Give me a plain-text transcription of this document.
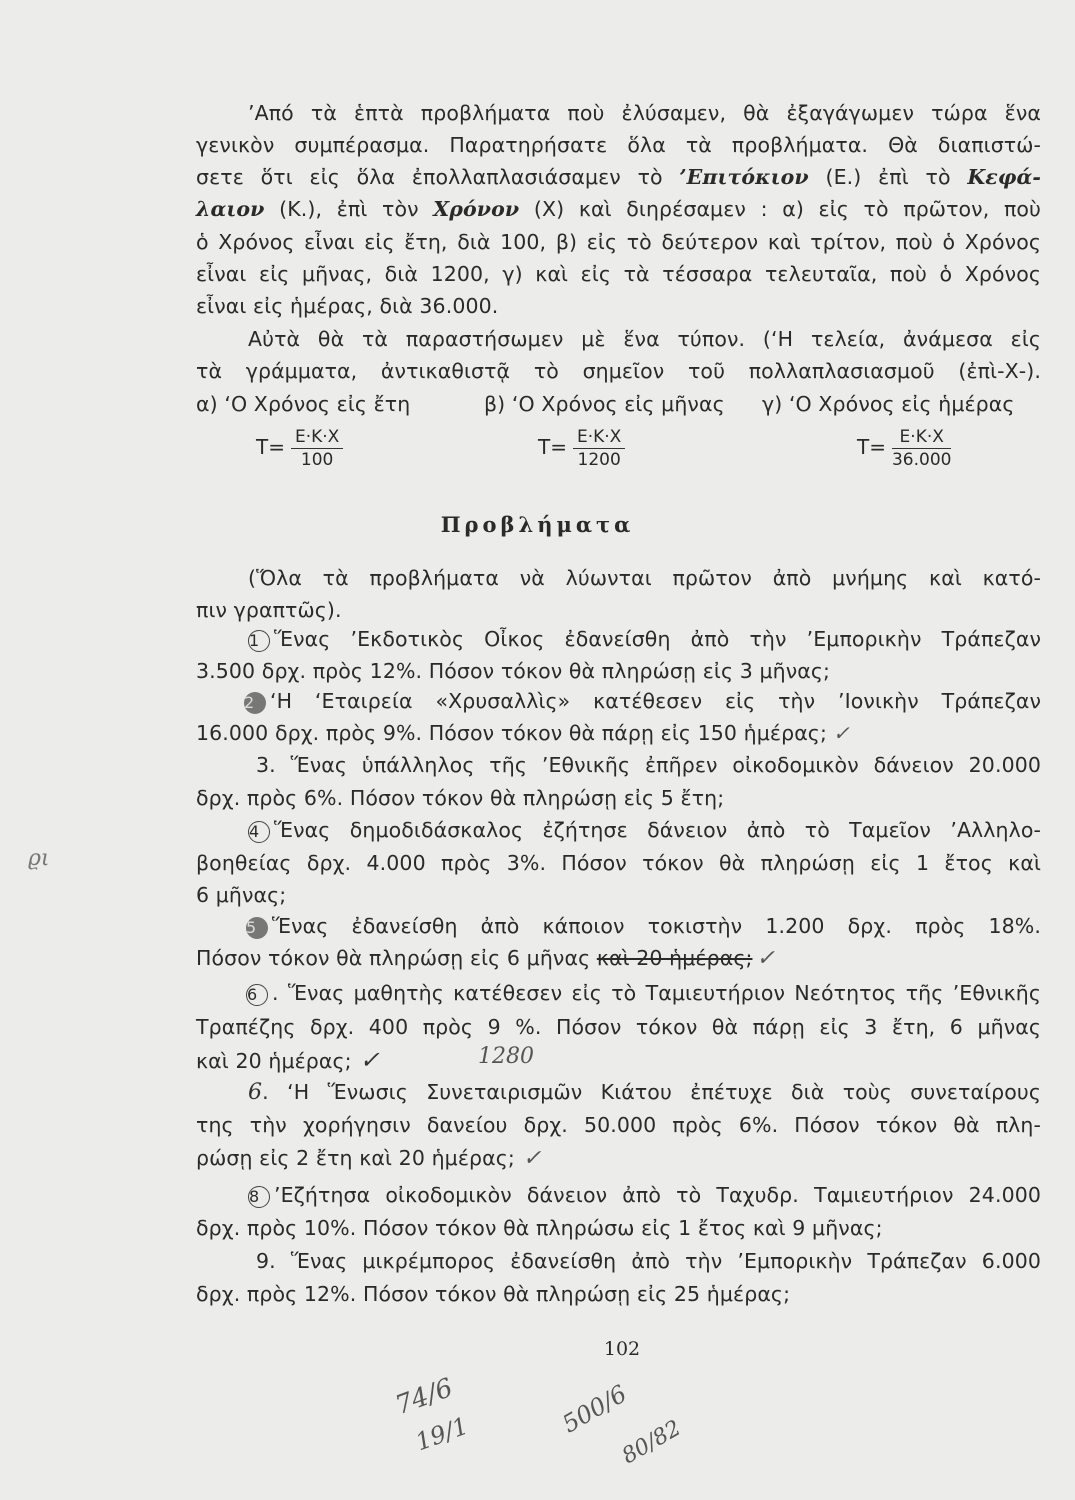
’Από τὰ ἑπτὰ προβλήματα ποὺ ἐλύσαμεν, θὰ ἐξαγάγωμεν τώρα ἕνα
γενικὸν συμπέρασμα. Παρατηρήσατε ὅλα τὰ προβλήματα. Θὰ διαπιστώ-
σετε ὅτι εἰς ὅλα ἐπολλαπλασιάσαμεν τὸ ’Επιτόκιον (Ε.) ἐπὶ τὸ Κεφά-
λαιον (Κ.), ἐπὶ τὸν Χρόνον (Χ) καὶ διηρέσαμεν : α) εἰς τὸ πρῶτον, ποὺ
ὁ Χρόνος εἶναι εἰς ἔτη, διὰ 100, β) εἰς τὸ δεύτερον καὶ τρίτον, ποὺ ὁ Χρόνος
εἶναι εἰς μῆνας, διὰ 1200, γ) καὶ εἰς τὰ τέσσαρα τελευταῖα, ποὺ ὁ Χρόνος
εἶναι εἰς ἡμέρας, διὰ 36.000.
Αὐτὰ θὰ τὰ παραστήσωμεν μὲ ἕνα τύπον. (‘Η τελεία, ἀνάμεσα εἰς
τὰ γράμματα, ἀντικαθιστᾷ τὸ σημεῖον τοῦ πολλαπλασιασμοῦ (ἐπὶ-Χ-).
α) ‘Ο Χρόνος εἰς ἔτη	β) ‘Ο Χρόνος εἰς μῆνας γ) ‘Ο Χρόνος εἰς ἡμέρας
$T= \frac{E\cdot K\cdot X}{100}$	$T= \frac{E\cdot K\cdot X}{1200}$	$T= \frac{E\cdot K\cdot X}{36.000}$
Προβλήματα
(Ὅλα τὰ προβλήματα νὰ λύωνται πρῶτον ἀπὸ μνήμης καὶ κατό-
πιν γραπτῶς).
1 Ἕνας ’Εκδοτικὸς Οἶκος ἐδανείσθη ἀπὸ τὴν ’Εμπορικὴν Τράπεζαν
3.500 δρχ. πρὸς 12%. Πόσον τόκον θὰ πληρώσῃ εἰς 3 μῆνας;
2 ‘Η ‘Εταιρεία «Χρυσαλλὶς» κατέθεσεν εἰς τὴν ’Ιονικὴν Τράπεζαν
16.000 δρχ. πρὸς 9%. Πόσον τόκον θὰ πάρῃ εἰς 150 ἡμέρας; ✓
3. Ἕνας ὑπάλληλος τῆς ’Εθνικῆς ἐπῆρεν οἰκοδομικὸν δάνειον 20.000
δρχ. πρὸς 6%. Πόσον τόκον θὰ πληρώσῃ εἰς 5 ἔτη;
4 Ἕνας δημοδιδάσκαλος ἐζήτησε δάνειον ἀπὸ τὸ Ταμεῖον ’Αλληλο-
βοηθείας δρχ. 4.000 πρὸς 3%. Πόσον τόκον θὰ πληρώσῃ εἰς 1 ἔτος καὶ
6 μῆνας;
5 Ἕνας ἐδανείσθη ἀπὸ κάποιον τοκιστὴν 1.200 δρχ. πρὸς 18%.
Πόσον τόκον θὰ πληρώσῃ εἰς 6 μῆνας καὶ 20 ἡμέρας; ✓
6 . Ἕνας μαθητὴς κατέθεσεν εἰς τὸ Ταμιευτήριον Νεότητος τῆς ’Εθνικῆς
Τραπέζης δρχ. 400 πρὸς 9 %. Πόσον τόκον θὰ πάρῃ εἰς 3 ἔτη, 6 μῆνας
καὶ 20 ἡμέρας; ✓	1280
6. ‘Η Ἕνωσις Συνεταιρισμῶν Κιάτου ἐπέτυχε διὰ τοὺς συνεταίρους
της τὴν χορήγησιν δανείου δρχ. 50.000 πρὸς 6%. Πόσον τόκον θὰ πλη-
ρώσῃ εἰς 2 ἔτη καὶ 20 ἡμέρας; ✓
8 ’Εζήτησα οἰκοδομικὸν δάνειον ἀπὸ τὸ Ταχυδρ. Ταμιευτήριον 24.000
δρχ. πρὸς 10%. Πόσον τόκον θὰ πληρώσω εἰς 1 ἔτος καὶ 9 μῆνας;
9. Ἕνας μικρέμπορος ἐδανείσθη ἀπὸ τὴν ’Εμπορικὴν Τράπεζαν 6.000
δρχ. πρὸς 12%. Πόσον τόκον θὰ πληρώσῃ εἰς 25 ἡμέρας;
102
ϱι
74/6
19/1	500/6
80/82
